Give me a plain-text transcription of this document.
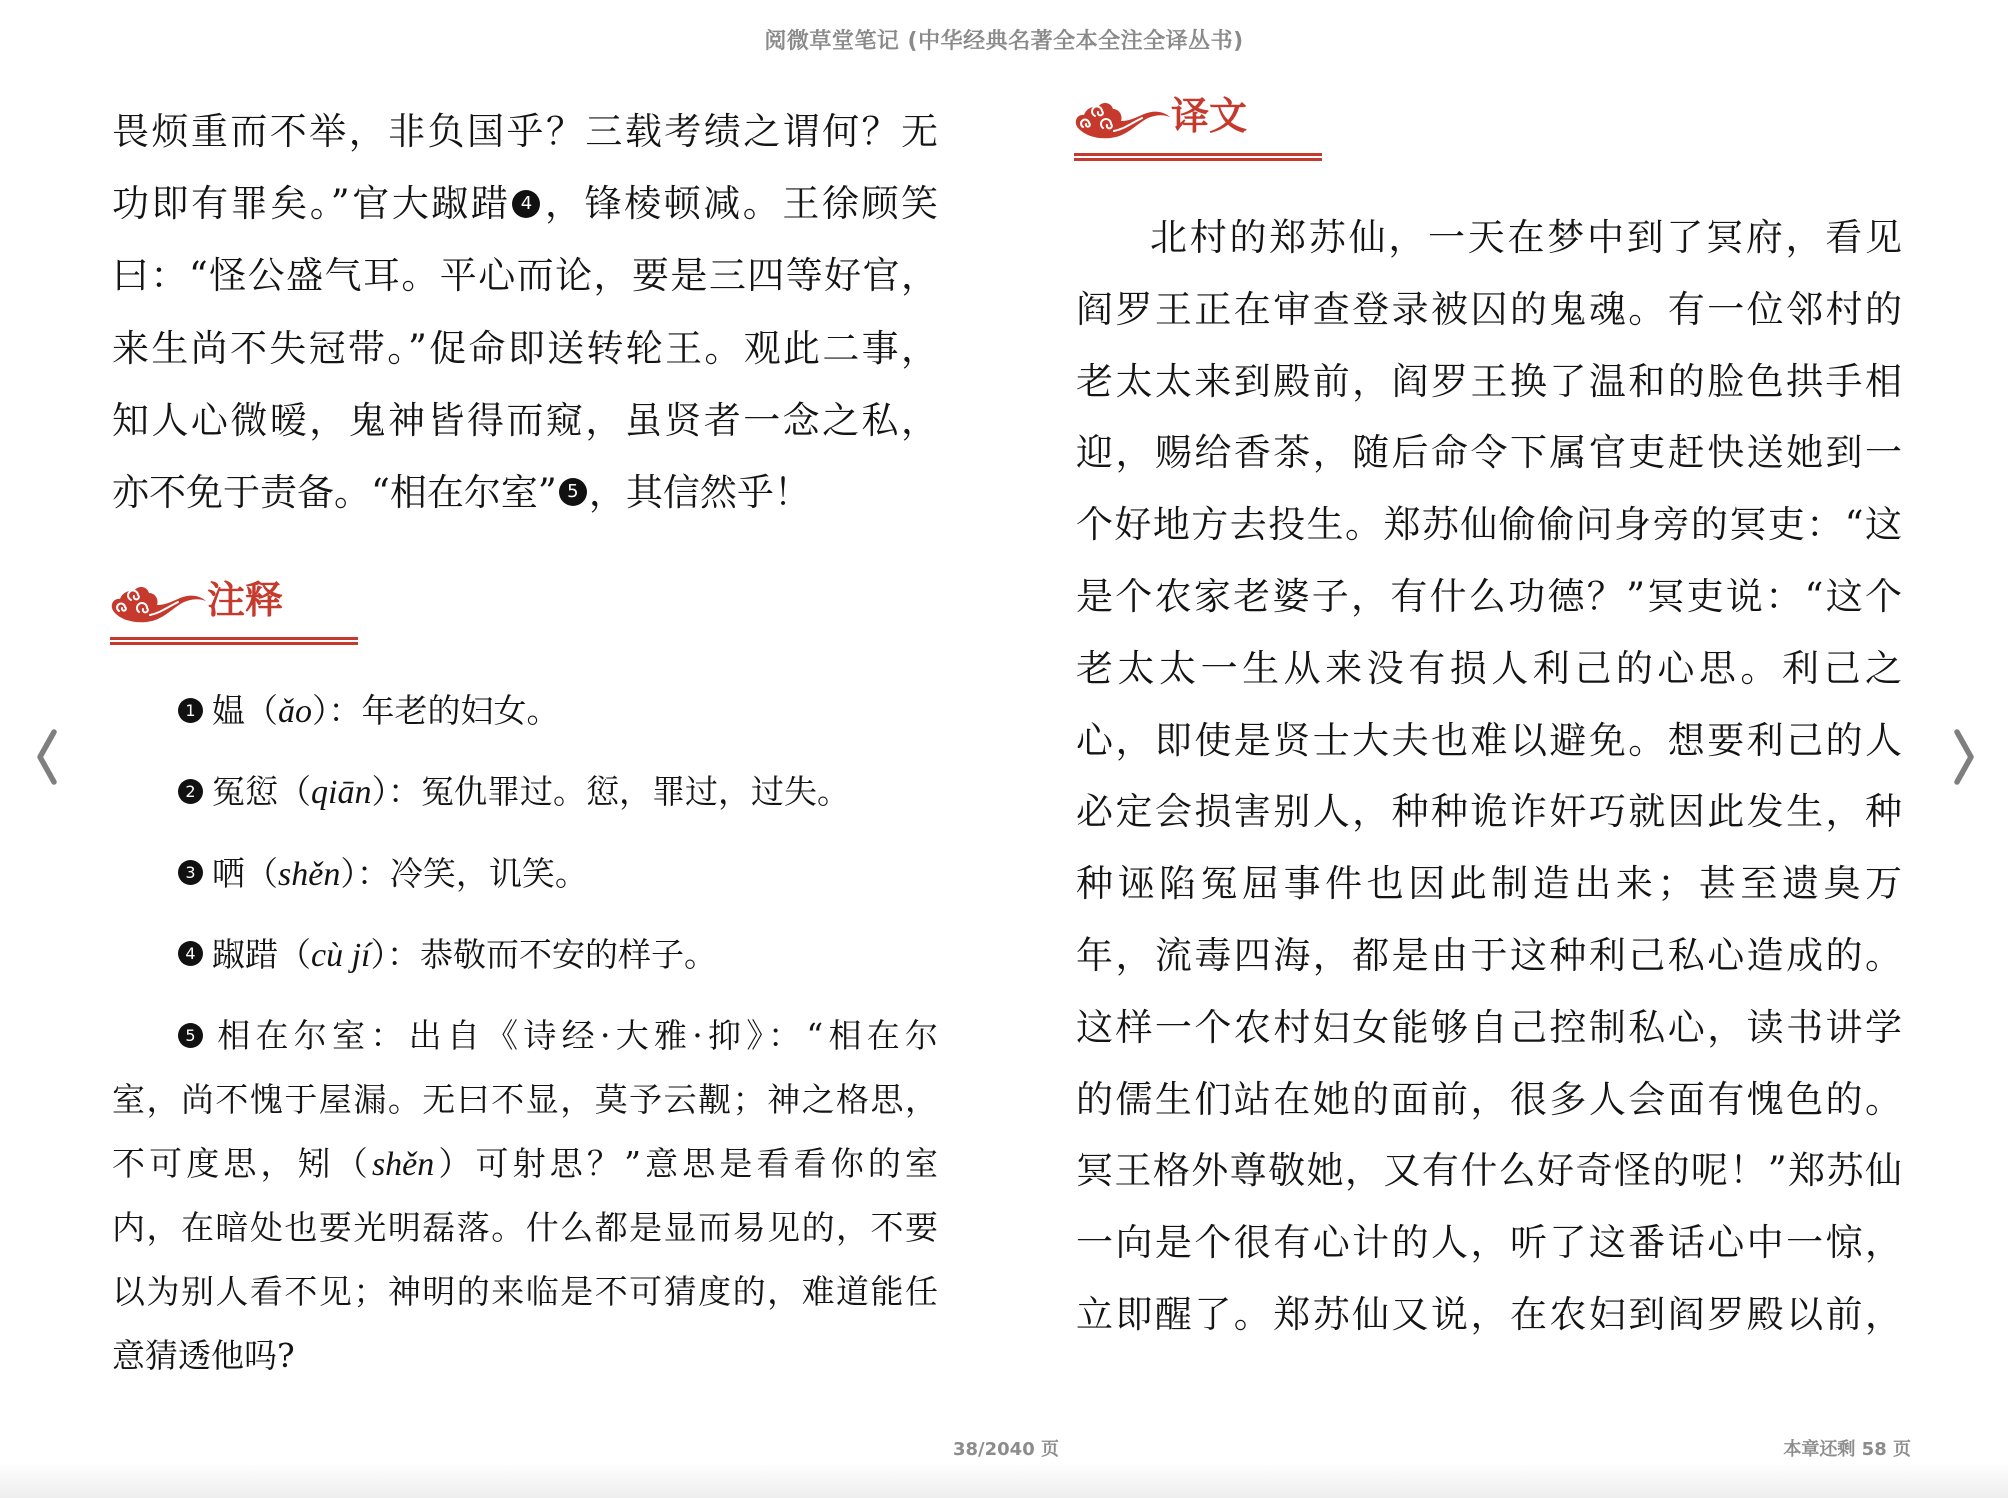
阅微草堂笔记 (中华经典名著全本全注全译丛书)
畏烦重而不举，非负国乎？三载考绩之谓何？无
功即有罪矣。”官大踧踖 4 ，锋棱顿减。王徐顾笑
曰：“怪公盛气耳。平心而论，要是三四等好官，
来生尚不失冠带。”促命即送转轮王。观此二事，
知人心微暧，鬼神皆得而窥，虽贤者一念之私，
亦不免于责备。“相在尔室” 5 ，其信然乎！
注释
1 媪（ǎo）：年老的妇女。
2 冤愆（qiān）：冤仇罪过。愆，罪过，过失。
3 哂（shěn）：冷笑，讥笑。
4 踧踖（cù jí）：恭敬而不安的样子。
5 相在尔室：出自《诗经·大雅·抑》：“相在尔
室，尚不愧于屋漏。无曰不显，莫予云觏；神之格思，
不可度思，矧（shěn）可射思？”意思是看看你的室
内，在暗处也要光明磊落。什么都是显而易见的，不要
以为别人看不见；神明的来临是不可猜度的，难道能任
意猜透他吗?
译文
北村的郑苏仙，一天在梦中到了冥府，看见
阎罗王正在审查登录被囚的鬼魂。有一位邻村的
老太太来到殿前，阎罗王换了温和的脸色拱手相
迎，赐给香茶，随后命令下属官吏赶快送她到一
个好地方去投生。郑苏仙偷偷问身旁的冥吏：“这
是个农家老婆子，有什么功德？”冥吏说：“这个
老太太一生从来没有损人利己的心思。利己之
心，即使是贤士大夫也难以避免。想要利己的人
必定会损害别人，种种诡诈奸巧就因此发生，种
种诬陷冤屈事件也因此制造出来；甚至遗臭万
年，流毒四海，都是由于这种利己私心造成的。
这样一个农村妇女能够自己控制私心，读书讲学
的儒生们站在她的面前，很多人会面有愧色的。
冥王格外尊敬她，又有什么好奇怪的呢！”郑苏仙
一向是个很有心计的人，听了这番话心中一惊，
立即醒了。郑苏仙又说，在农妇到阎罗殿以前，
38/2040 页	本章还剩 58 页
